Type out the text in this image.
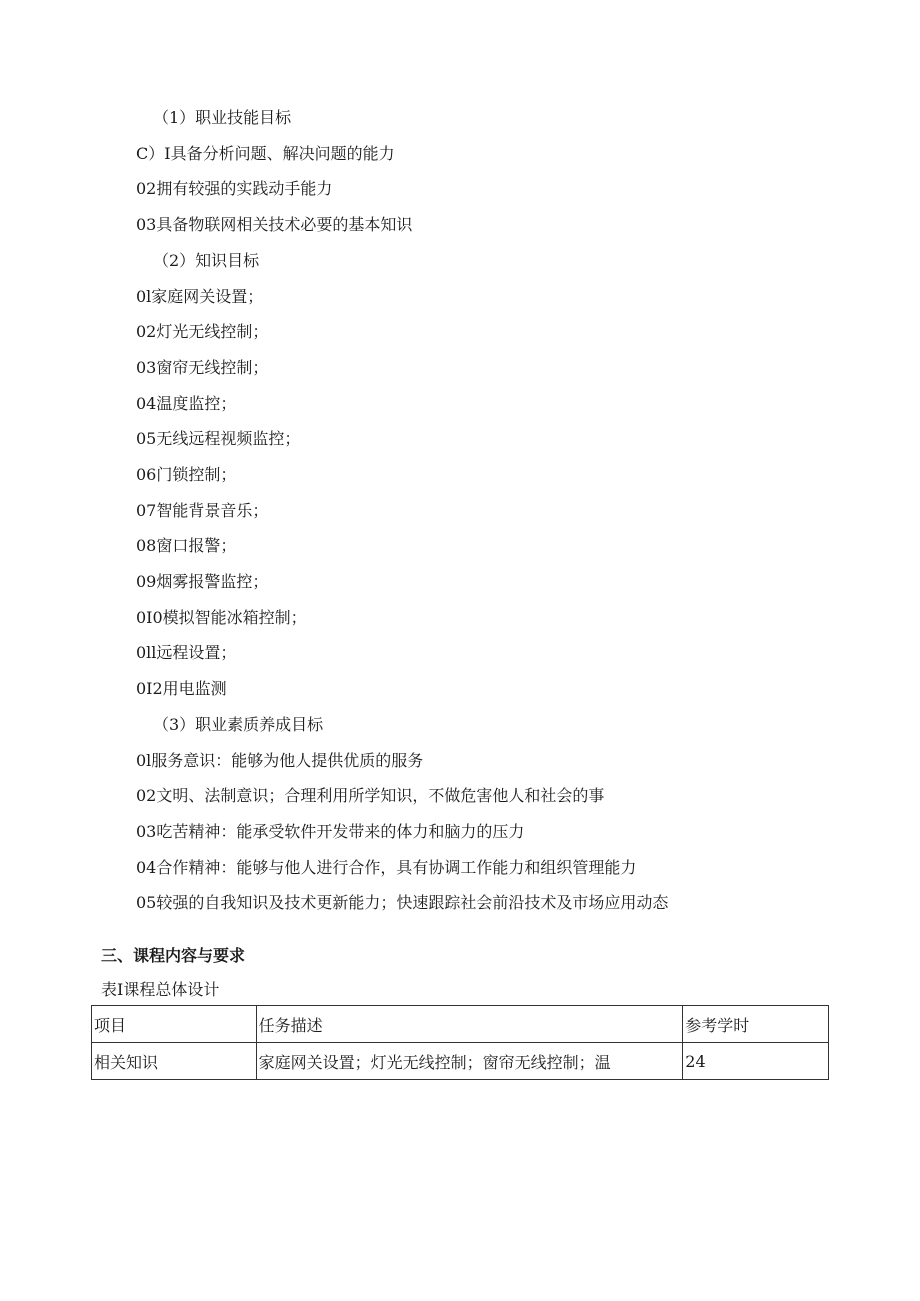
（1）职业技能目标
C）I具备分析问题、解决问题的能力
02拥有较强的实践动手能力
03具备物联网相关技术必要的基本知识
（2）知识目标
0l家庭网关设置；
02灯光无线控制；
03窗帘无线控制；
04温度监控；
05无线远程视频监控；
06门锁控制；
07智能背景音乐；
08窗口报警；
09烟雾报警监控；
0I0模拟智能冰箱控制；
0ll远程设置；
0I2用电监测
（3）职业素质养成目标
0l服务意识：能够为他人提供优质的服务
02文明、法制意识；合理利用所学知识，不做危害他人和社会的事
03吃苦精神：能承受软件开发带来的体力和脑力的压力
04合作精神：能够与他人进行合作，具有协调工作能力和组织管理能力
05较强的自我知识及技术更新能力；快速跟踪社会前沿技术及市场应用动态
三、课程内容与要求
表I课程总体设计
项目	任务描述	参考学时
相关知识	家庭网关设置；灯光无线控制；窗帘无线控制；温	24
